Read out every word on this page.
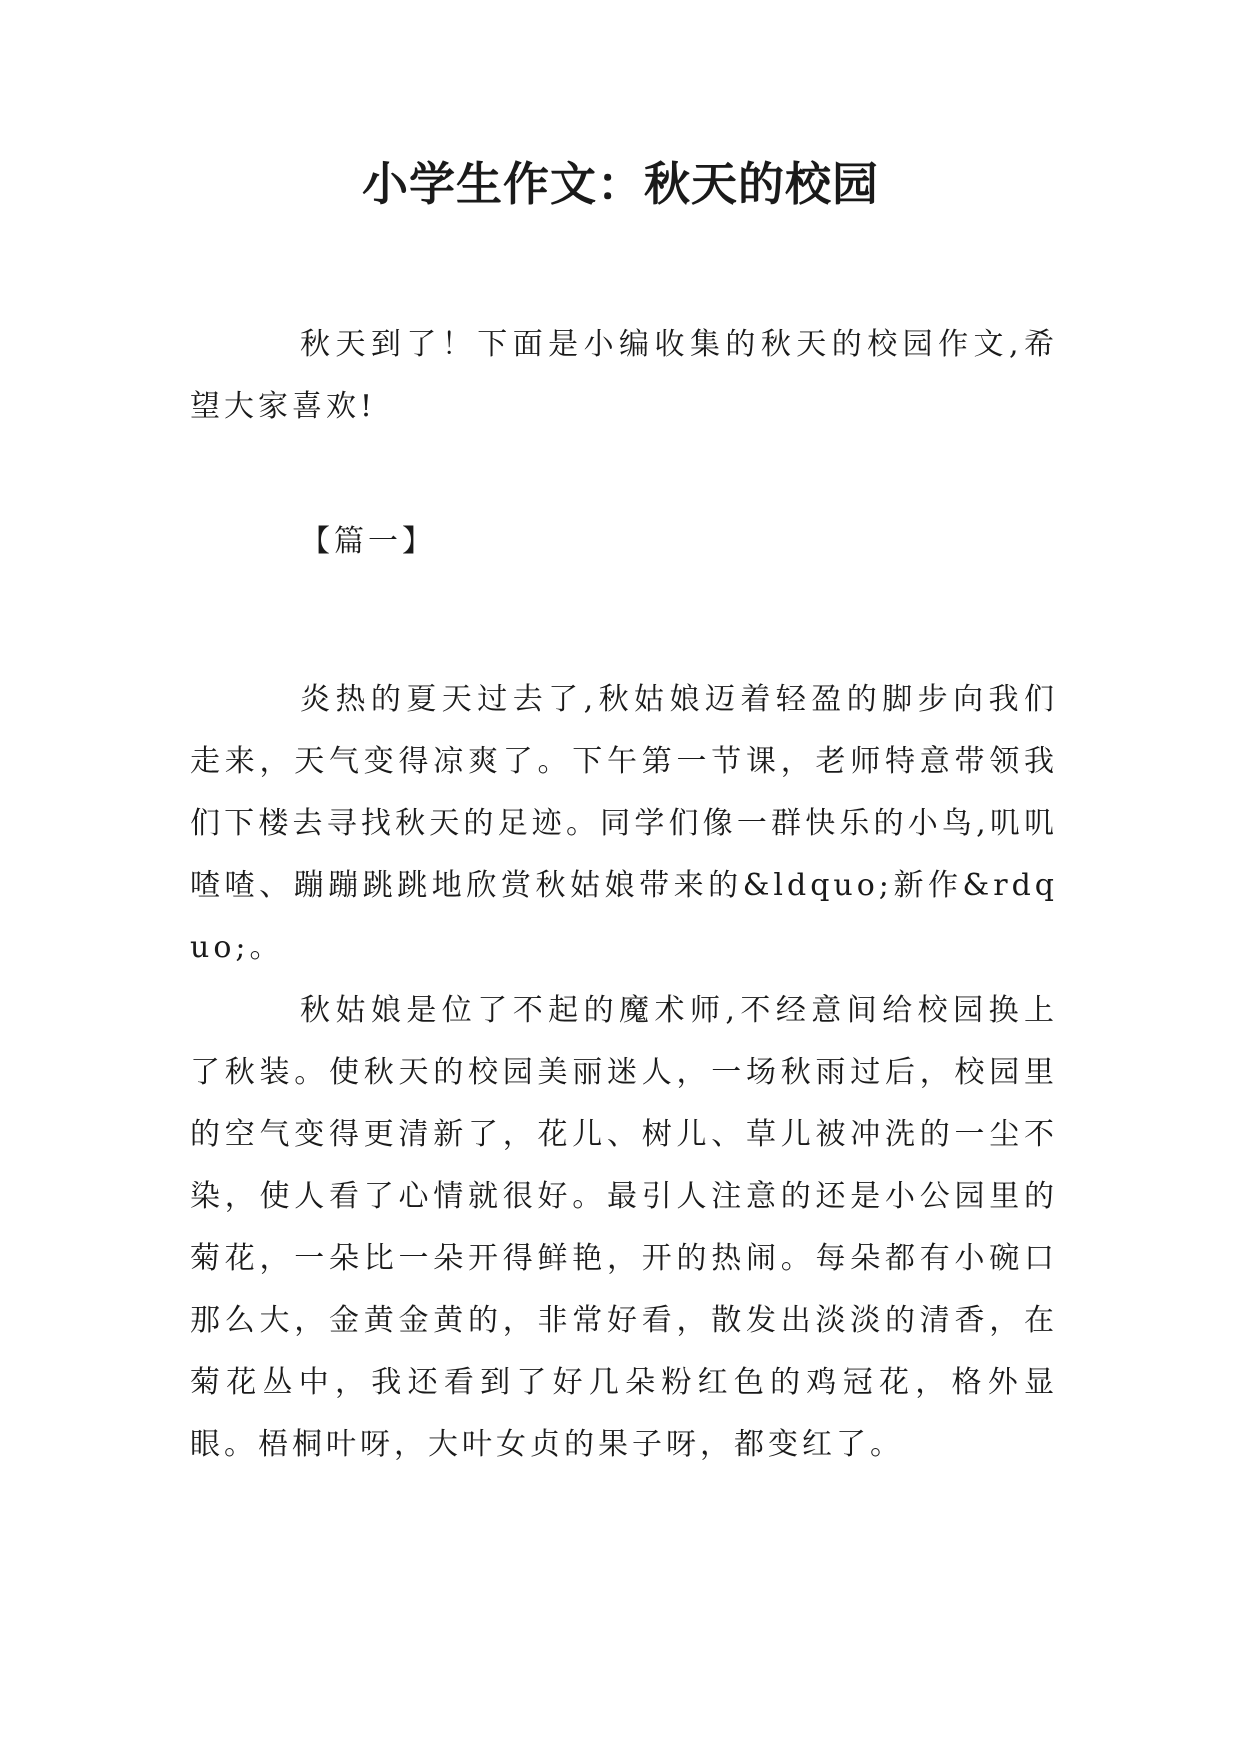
小学生作文：秋天的校园

秋天到了！下面是小编收集的秋天的校园作文,希望大家喜欢!

【篇一】

炎热的夏天过去了,秋姑娘迈着轻盈的脚步向我们走来，天气变得凉爽了。下午第一节课，老师特意带领我们下楼去寻找秋天的足迹。同学们像一群快乐的小鸟,叽叽喳喳、蹦蹦跳跳地欣赏秋姑娘带来的&ldquo;新作&rdquo;。

秋姑娘是位了不起的魔术师,不经意间给校园换上了秋装。使秋天的校园美丽迷人，一场秋雨过后，校园里的空气变得更清新了，花儿、树儿、草儿被冲洗的一尘不染，使人看了心情就很好。最引人注意的还是小公园里的菊花，一朵比一朵开得鲜艳，开的热闹。每朵都有小碗口那么大，金黄金黄的，非常好看，散发出淡淡的清香，在菊花丛中，我还看到了好几朵粉红色的鸡冠花，格外显眼。梧桐叶呀，大叶女贞的果子呀，都变红了。
